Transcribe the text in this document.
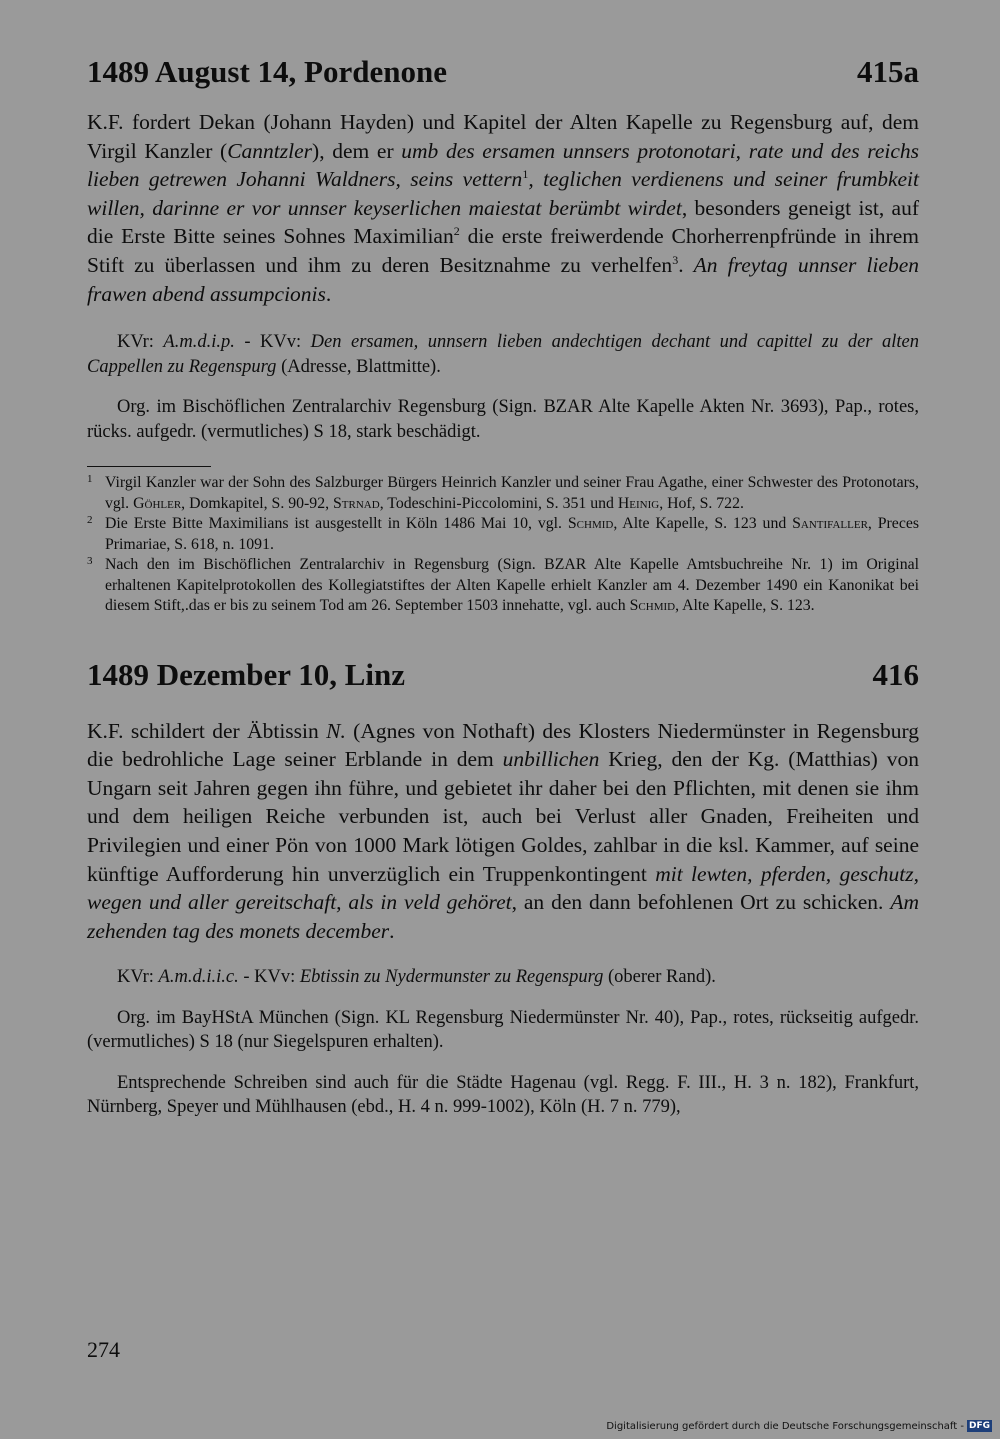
1489 August 14, Pordenone	415a

K.F. fordert Dekan (Johann Hayden) und Kapitel der Alten Kapelle zu Regensburg auf, dem Virgil Kanzler (Canntzler), dem er umb des ersamen unnsers protonotari, rate und des reichs lieben getrewen Johanni Waldners, seins vettern$^1$, teglichen verdienens und seiner frumbkeit willen, darinne er vor unnser keyserlichen maiestat berümbt wirdet, besonders geneigt ist, auf die Erste Bitte seines Sohnes Maximilian$^2$ die erste freiwerdende Chorherrenpfründe in ihrem Stift zu überlassen und ihm zu deren Besitznahme zu verhelfen$^3$. An freytag unnser lieben frawen abend assumpcionis.

KVr: A.m.d.i.p. - KVv: Den ersamen, unnsern lieben andechtigen dechant und capittel zu der alten Cappellen zu Regenspurg (Adresse, Blattmitte).

Org. im Bischöflichen Zentralarchiv Regensburg (Sign. BZAR Alte Kapelle Akten Nr. 3693), Pap., rotes, rücks. aufgedr. (vermutliches) S 18, stark beschädigt.

1 Virgil Kanzler war der Sohn des Salzburger Bürgers Heinrich Kanzler und seiner Frau Agathe, einer Schwester des Protonotars, vgl. Göhler, Domkapitel, S. 90-92, Strnad, Todeschini-Piccolomini, S. 351 und Heinig, Hof, S. 722.

2 Die Erste Bitte Maximilians ist ausgestellt in Köln 1486 Mai 10, vgl. Schmid, Alte Kapelle, S. 123 und Santifaller, Preces Primariae, S. 618, n. 1091.

3 Nach den im Bischöflichen Zentralarchiv in Regensburg (Sign. BZAR Alte Kapelle Amtsbuchreihe Nr. 1) im Original erhaltenen Kapitelprotokollen des Kollegiatstiftes der Alten Kapelle erhielt Kanzler am 4. Dezember 1490 ein Kanonikat bei diesem Stift,.das er bis zu seinem Tod am 26. September 1503 innehatte, vgl. auch Schmid, Alte Kapelle, S. 123.

1489 Dezember 10, Linz	416

K.F. schildert der Äbtissin N. (Agnes von Nothaft) des Klosters Niedermünster in Regensburg die bedrohliche Lage seiner Erblande in dem unbillichen Krieg, den der Kg. (Matthias) von Ungarn seit Jahren gegen ihn führe, und gebietet ihr daher bei den Pflichten, mit denen sie ihm und dem heiligen Reiche verbunden ist, auch bei Verlust aller Gnaden, Freiheiten und Privilegien und einer Pön von 1000 Mark lötigen Goldes, zahlbar in die ksl. Kammer, auf seine künftige Aufforderung hin unverzüglich ein Truppenkontingent mit lewten, pferden, geschutz, wegen und aller gereitschaft, als in veld gehöret, an den dann befohlenen Ort zu schicken. Am zehenden tag des monets december.

KVr: A.m.d.i.i.c. - KVv: Ebtissin zu Nydermunster zu Regenspurg (oberer Rand).

Org. im BayHStA München (Sign. KL Regensburg Niedermünster Nr. 40), Pap., rotes, rückseitig aufgedr. (vermutliches) S 18 (nur Siegelspuren erhalten).

Entsprechende Schreiben sind auch für die Städte Hagenau (vgl. Regg. F. III., H. 3 n. 182), Frankfurt, Nürnberg, Speyer und Mühlhausen (ebd., H. 4 n. 999-1002), Köln (H. 7 n. 779),

274
Digitalisierung gefördert durch die Deutsche Forschungsgemeinschaft - DFG
